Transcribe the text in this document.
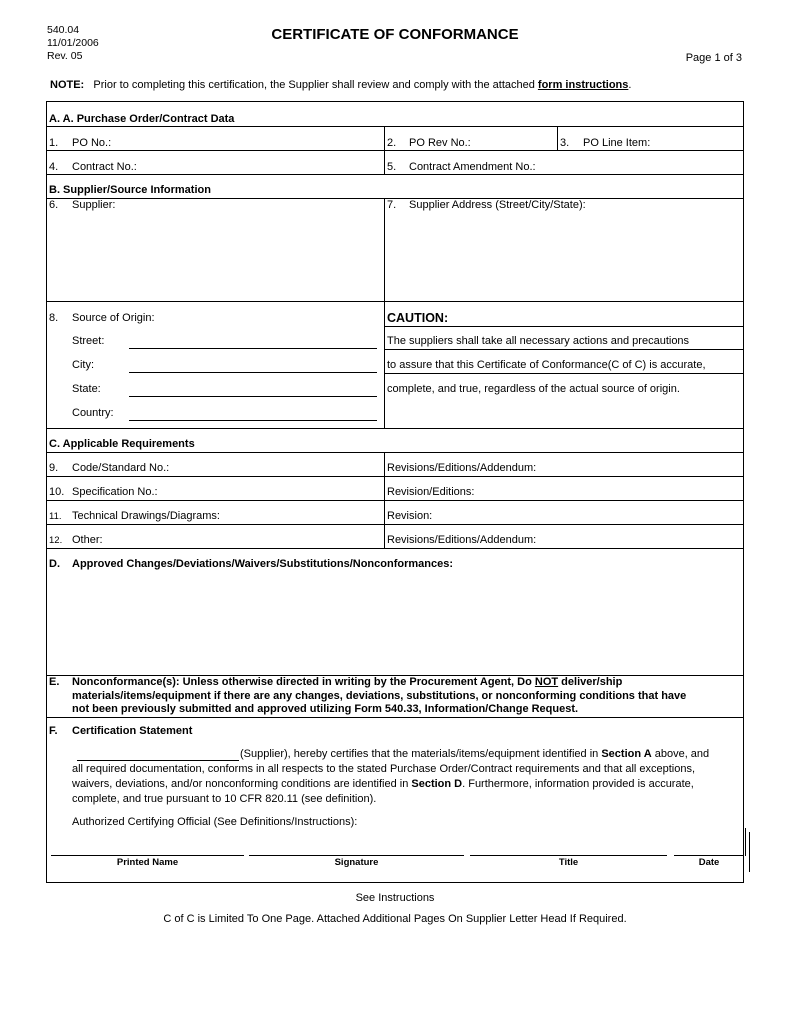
540.04
11/01/2006
Rev. 05
CERTIFICATE OF CONFORMANCE
Page 1 of 3
NOTE: Prior to completing this certification, the Supplier shall review and comply with the attached form instructions.
A. A. Purchase Order/Contract Data
1. PO No.:	2. PO Rev No.:	3. PO Line Item:
4. Contract No.:	5. Contract Amendment No.:
B. Supplier/Source Information
6. Supplier:	7. Supplier Address (Street/City/State):
8. Source of Origin:
Street:
City:
State:
Country:
CAUTION:
The suppliers shall take all necessary actions and precautions
to assure that this Certificate of Conformance(C of C) is accurate,
complete, and true, regardless of the actual source of origin.
C. Applicable Requirements
9. Code/Standard No.:	Revisions/Editions/Addendum:
10. Specification No.:	Revision/Editions:
11. Technical Drawings/Diagrams:	Revision:
12. Other:	Revisions/Editions/Addendum:
D. Approved Changes/Deviations/Waivers/Substitutions/Nonconformances:
E. Nonconformance(s): Unless otherwise directed in writing by the Procurement Agent, Do NOT deliver/ship
materials/items/equipment if there are any changes, deviations, substitutions, or nonconforming conditions that have
not been previously submitted and approved utilizing Form 540.33, Information/Change Request.
F. Certification Statement
(Supplier), hereby certifies that the materials/items/equipment identified in Section A above, and
all required documentation, conforms in all respects to the stated Purchase Order/Contract requirements and that all exceptions,
waivers, deviations, and/or nonconforming conditions are identified in Section D. Furthermore, information provided is accurate,
complete, and true pursuant to 10 CFR 820.11 (see definition).
Authorized Certifying Official (See Definitions/Instructions):
Printed Name	Signature	Title	Date
See Instructions
C of C is Limited To One Page. Attached Additional Pages On Supplier Letter Head If Required.
